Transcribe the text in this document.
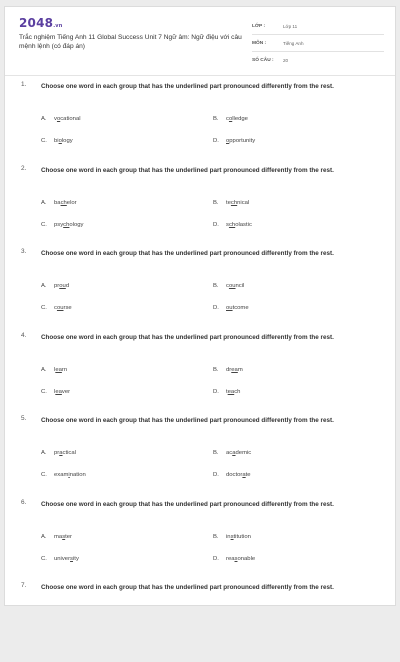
2048.vn
Trắc nghiệm Tiếng Anh 11 Global Success Unit 7 Ngữ âm: Ngữ điệu với câu mệnh lệnh (có đáp án)
LỚP :	Lớp 11
MÔN :	Tiếng Anh
SỐ CÂU :	20
1. Choose one word in each group that has the underlined part pronounced differently from the rest.
A.	vocational	B.	colledge
C.	biology	D.	opportunity
2. Choose one word in each group that has the underlined part pronounced differently from the rest.
A.	bachelor	B.	technical
C.	psychology	D.	scholastic
3. Choose one word in each group that has the underlined part pronounced differently from the rest.
A.	proud	B.	council
C.	course	D.	outcome
4. Choose one word in each group that has the underlined part pronounced differently from the rest.
A.	learn	B.	dream
C.	leaver	D.	teach
5. Choose one word in each group that has the underlined part pronounced differently from the rest.
A.	practical	B.	academic
C.	examination	D.	doctorate
6. Choose one word in each group that has the underlined part pronounced differently from the rest.
A.	master	B.	institution
C.	university	D.	reasonable
7. Choose one word in each group that has the underlined part pronounced differently from the rest.
